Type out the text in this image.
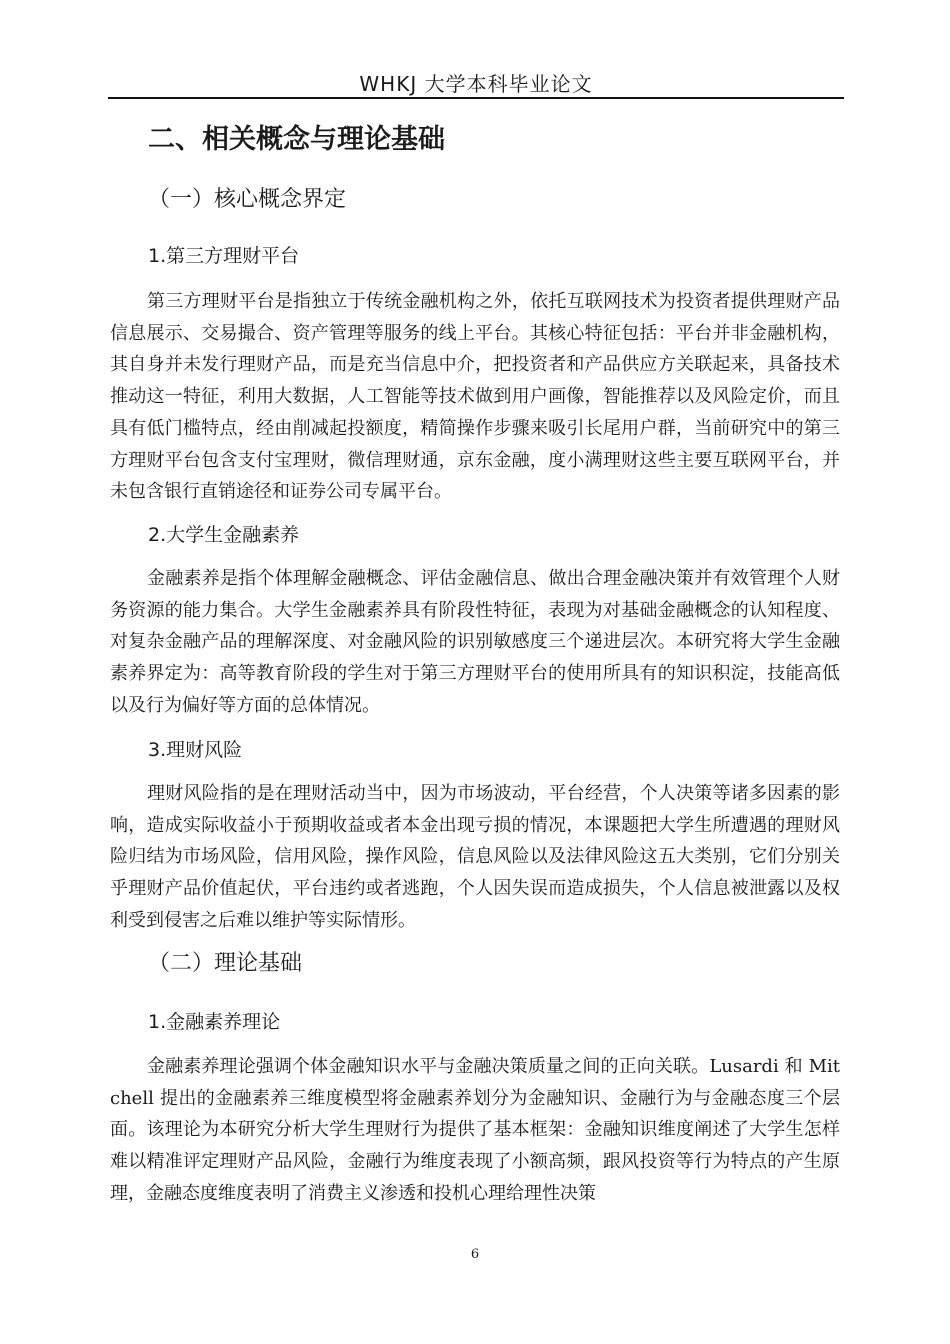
WHKJ 大学本科毕业论文
二、相关概念与理论基础
（一）核心概念界定
1.第三方理财平台
第三方理财平台是指独立于传统金融机构之外，依托互联网技术为投资者提供理财产品信息展示、交易撮合、资产管理等服务的线上平台。其核心特征包括：平台并非金融机构，其自身并未发行理财产品，而是充当信息中介，把投资者和产品供应方关联起来，具备技术推动这一特征，利用大数据，人工智能等技术做到用户画像，智能推荐以及风险定价，而且具有低门槛特点，经由削减起投额度，精简操作步骤来吸引长尾用户群，当前研究中的第三方理财平台包含支付宝理财，微信理财通，京东金融，度小满理财这些主要互联网平台，并未包含银行直销途径和证券公司专属平台。
2.大学生金融素养
金融素养是指个体理解金融概念、评估金融信息、做出合理金融决策并有效管理个人财务资源的能力集合。大学生金融素养具有阶段性特征，表现为对基础金融概念的认知程度、对复杂金融产品的理解深度、对金融风险的识别敏感度三个递进层次。本研究将大学生金融素养界定为：高等教育阶段的学生对于第三方理财平台的使用所具有的知识积淀，技能高低以及行为偏好等方面的总体情况。
3.理财风险
理财风险指的是在理财活动当中，因为市场波动，平台经营，个人决策等诸多因素的影响，造成实际收益小于预期收益或者本金出现亏损的情况，本课题把大学生所遭遇的理财风险归结为市场风险，信用风险，操作风险，信息风险以及法律风险这五大类别，它们分别关乎理财产品价值起伏，平台违约或者逃跑，个人因失误而造成损失，个人信息被泄露以及权利受到侵害之后难以维护等实际情形。
（二）理论基础
1.金融素养理论
金融素养理论强调个体金融知识水平与金融决策质量之间的正向关联。Lusardi 和 Mitchell 提出的金融素养三维度模型将金融素养划分为金融知识、金融行为与金融态度三个层面。该理论为本研究分析大学生理财行为提供了基本框架：金融知识维度阐述了大学生怎样难以精准评定理财产品风险，金融行为维度表现了小额高频，跟风投资等行为特点的产生原理，金融态度维度表明了消费主义渗透和投机心理给理性决策
6
